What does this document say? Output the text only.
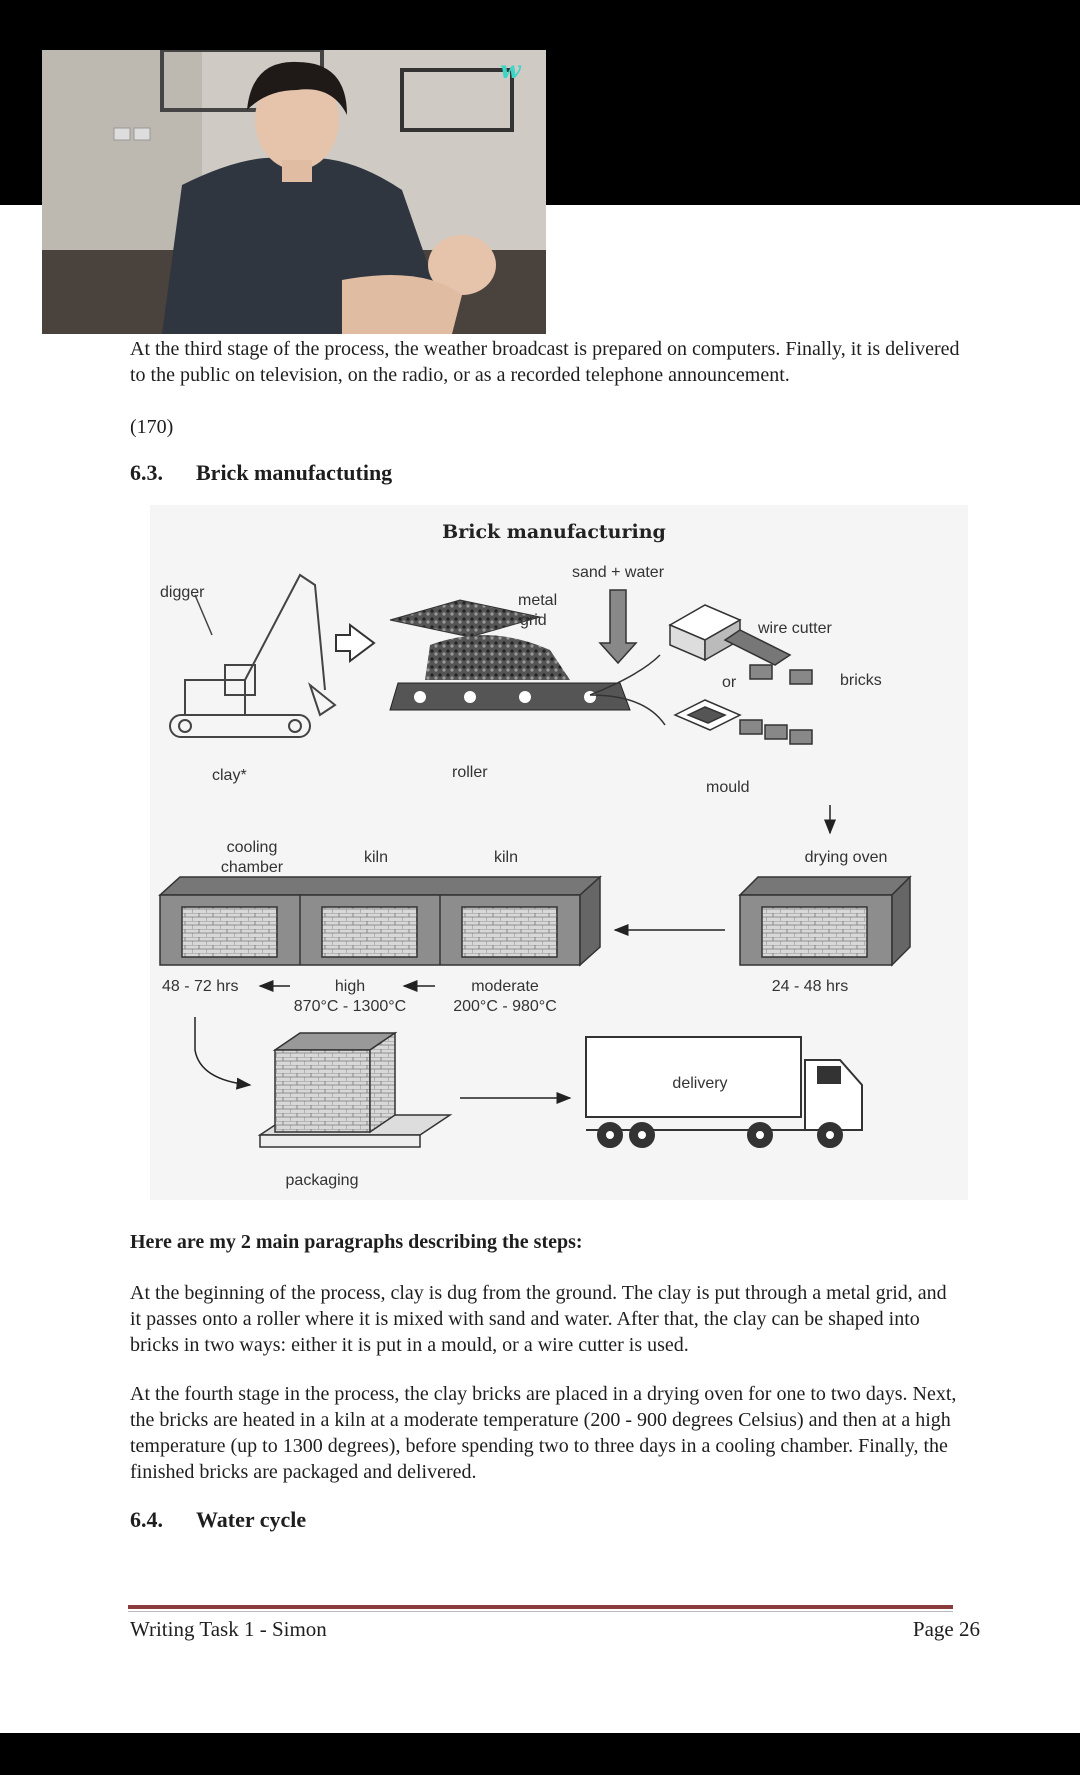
w
At the third stage of the process, the weather broadcast is prepared on computers. Finally, it is delivered to the public on television, on the radio, or as a recorded telephone announcement.
(170)
6.3. Brick manufactuting
Brick manufacturing
digger
clay*
metal
grid
roller
sand + water
or
wire cutter
bricks
mould
cooling
chamber
kiln	kiln	drying oven
48 - 72 hrs	high
870°C - 1300°C
moderate
200°C - 980°C
24 - 48 hrs
packaging
delivery
Here are my 2 main paragraphs describing the steps:
At the beginning of the process, clay is dug from the ground. The clay is put through a metal grid, and it passes onto a roller where it is mixed with sand and water. After that, the clay can be shaped into bricks in two ways: either it is put in a mould, or a wire cutter is used.
At the fourth stage in the process, the clay bricks are placed in a drying oven for one to two days. Next, the bricks are heated in a kiln at a moderate temperature (200 - 900 degrees Celsius) and then at a high temperature (up to 1300 degrees), before spending two to three days in a cooling chamber. Finally, the finished bricks are packaged and delivered.
6.4. Water cycle
Writing Task 1 - Simon	Page 26
